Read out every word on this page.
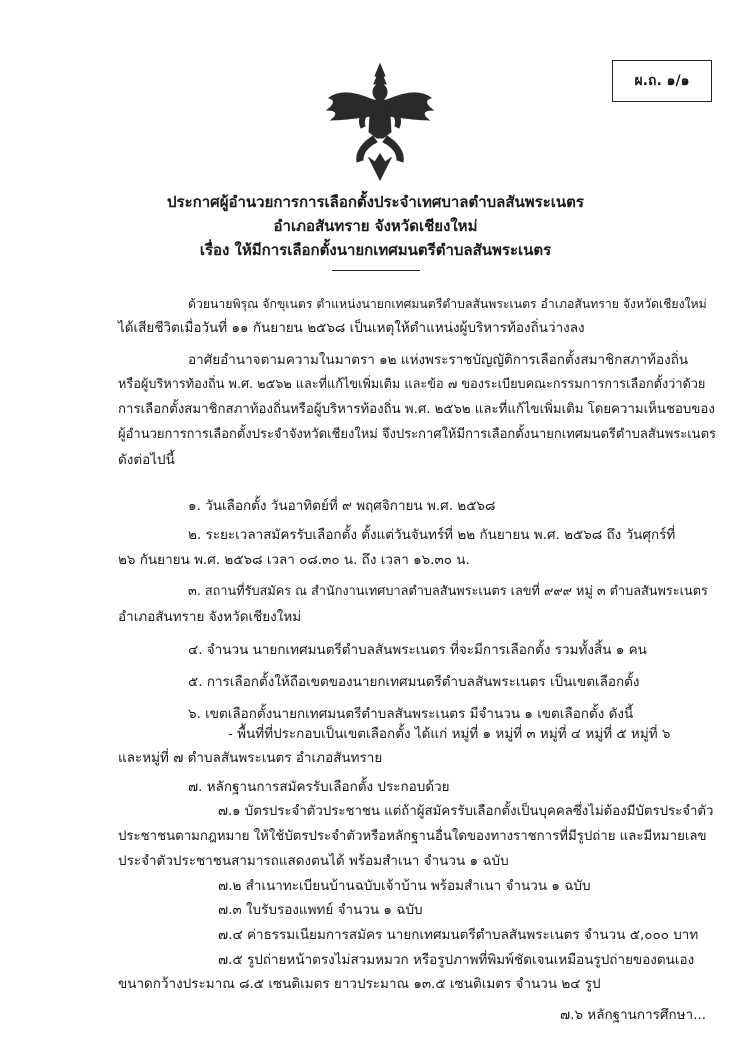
ผ.ถ. ๑/๑
ประกาศผู้อำนวยการการเลือกตั้งประจำเทศบาลตำบลสันพระเนตร
อำเภอสันทราย จังหวัดเชียงใหม่
เรื่อง ให้มีการเลือกตั้งนายกเทศมนตรีตำบลสันพระเนตร
ด้วยนายพิรุณ จักขุเนตร ตำแหน่งนายกเทศมนตรีตำบลสันพระเนตร อำเภอสันทราย จังหวัดเชียงใหม่
ได้เสียชีวิตเมื่อวันที่ ๑๑ กันยายน ๒๕๖๘ เป็นเหตุให้ตำแหน่งผู้บริหารท้องถิ่นว่างลง
อาศัยอำนาจตามความในมาตรา ๑๒ แห่งพระราชบัญญัติการเลือกตั้งสมาชิกสภาท้องถิ่น
หรือผู้บริหารท้องถิ่น พ.ศ. ๒๕๖๒ และที่แก้ไขเพิ่มเติม และข้อ ๗ ของระเบียบคณะกรรมการการเลือกตั้งว่าด้วย
การเลือกตั้งสมาชิกสภาท้องถิ่นหรือผู้บริหารท้องถิ่น พ.ศ. ๒๕๖๒ และที่แก้ไขเพิ่มเติม โดยความเห็นชอบของ
ผู้อำนวยการการเลือกตั้งประจำจังหวัดเชียงใหม่ จึงประกาศให้มีการเลือกตั้งนายกเทศมนตรีตำบลสันพระเนตร
ดังต่อไปนี้
๑. วันเลือกตั้ง วันอาทิตย์ที่ ๙ พฤศจิกายน พ.ศ. ๒๕๖๘
๒. ระยะเวลาสมัครรับเลือกตั้ง ตั้งแต่วันจันทร์ที่ ๒๒ กันยายน พ.ศ. ๒๕๖๘ ถึง วันศุกร์ที่
๒๖ กันยายน พ.ศ. ๒๕๖๘ เวลา ๐๘.๓๐ น. ถึง เวลา ๑๖.๓๐ น.
๓. สถานที่รับสมัคร ณ สำนักงานเทศบาลตำบลสันพระเนตร เลขที่ ๙๙๙ หมู่ ๓ ตำบลสันพระเนตร
อำเภอสันทราย จังหวัดเชียงใหม่
๔. จำนวน นายกเทศมนตรีตำบลสันพระเนตร ที่จะมีการเลือกตั้ง รวมทั้งสิ้น ๑ คน
๕. การเลือกตั้งให้ถือเขตของนายกเทศมนตรีตำบลสันพระเนตร เป็นเขตเลือกตั้ง
๖. เขตเลือกตั้งนายกเทศมนตรีตำบลสันพระเนตร มีจำนวน ๑ เขตเลือกตั้ง ดังนี้
- พื้นที่ที่ประกอบเป็นเขตเลือกตั้ง ได้แก่ หมู่ที่ ๑ หมู่ที่ ๓ หมู่ที่ ๔ หมู่ที่ ๕ หมู่ที่ ๖
และหมู่ที่ ๗ ตำบลสันพระเนตร อำเภอสันทราย
๗. หลักฐานการสมัครรับเลือกตั้ง ประกอบด้วย
๗.๑ บัตรประจำตัวประชาชน แต่ถ้าผู้สมัครรับเลือกตั้งเป็นบุคคลซึ่งไม่ต้องมีบัตรประจำตัว
ประชาชนตามกฎหมาย ให้ใช้บัตรประจำตัวหรือหลักฐานอื่นใดของทางราชการที่มีรูปถ่าย และมีหมายเลข
ประจำตัวประชาชนสามารถแสดงตนได้ พร้อมสำเนา จำนวน ๑ ฉบับ
๗.๒ สำเนาทะเบียนบ้านฉบับเจ้าบ้าน พร้อมสำเนา จำนวน ๑ ฉบับ
๗.๓ ใบรับรองแพทย์ จำนวน ๑ ฉบับ
๗.๔ ค่าธรรมเนียมการสมัคร นายกเทศมนตรีตำบลสันพระเนตร จำนวน ๕,๐๐๐ บาท
๗.๕ รูปถ่ายหน้าตรงไม่สวมหมวก หรือรูปภาพที่พิมพ์ชัดเจนเหมือนรูปถ่ายของตนเอง
ขนาดกว้างประมาณ ๘.๕ เซนติเมตร ยาวประมาณ ๑๓.๕ เซนติเมตร จำนวน ๒๔ รูป
๗.๖ หลักฐานการศึกษา...
